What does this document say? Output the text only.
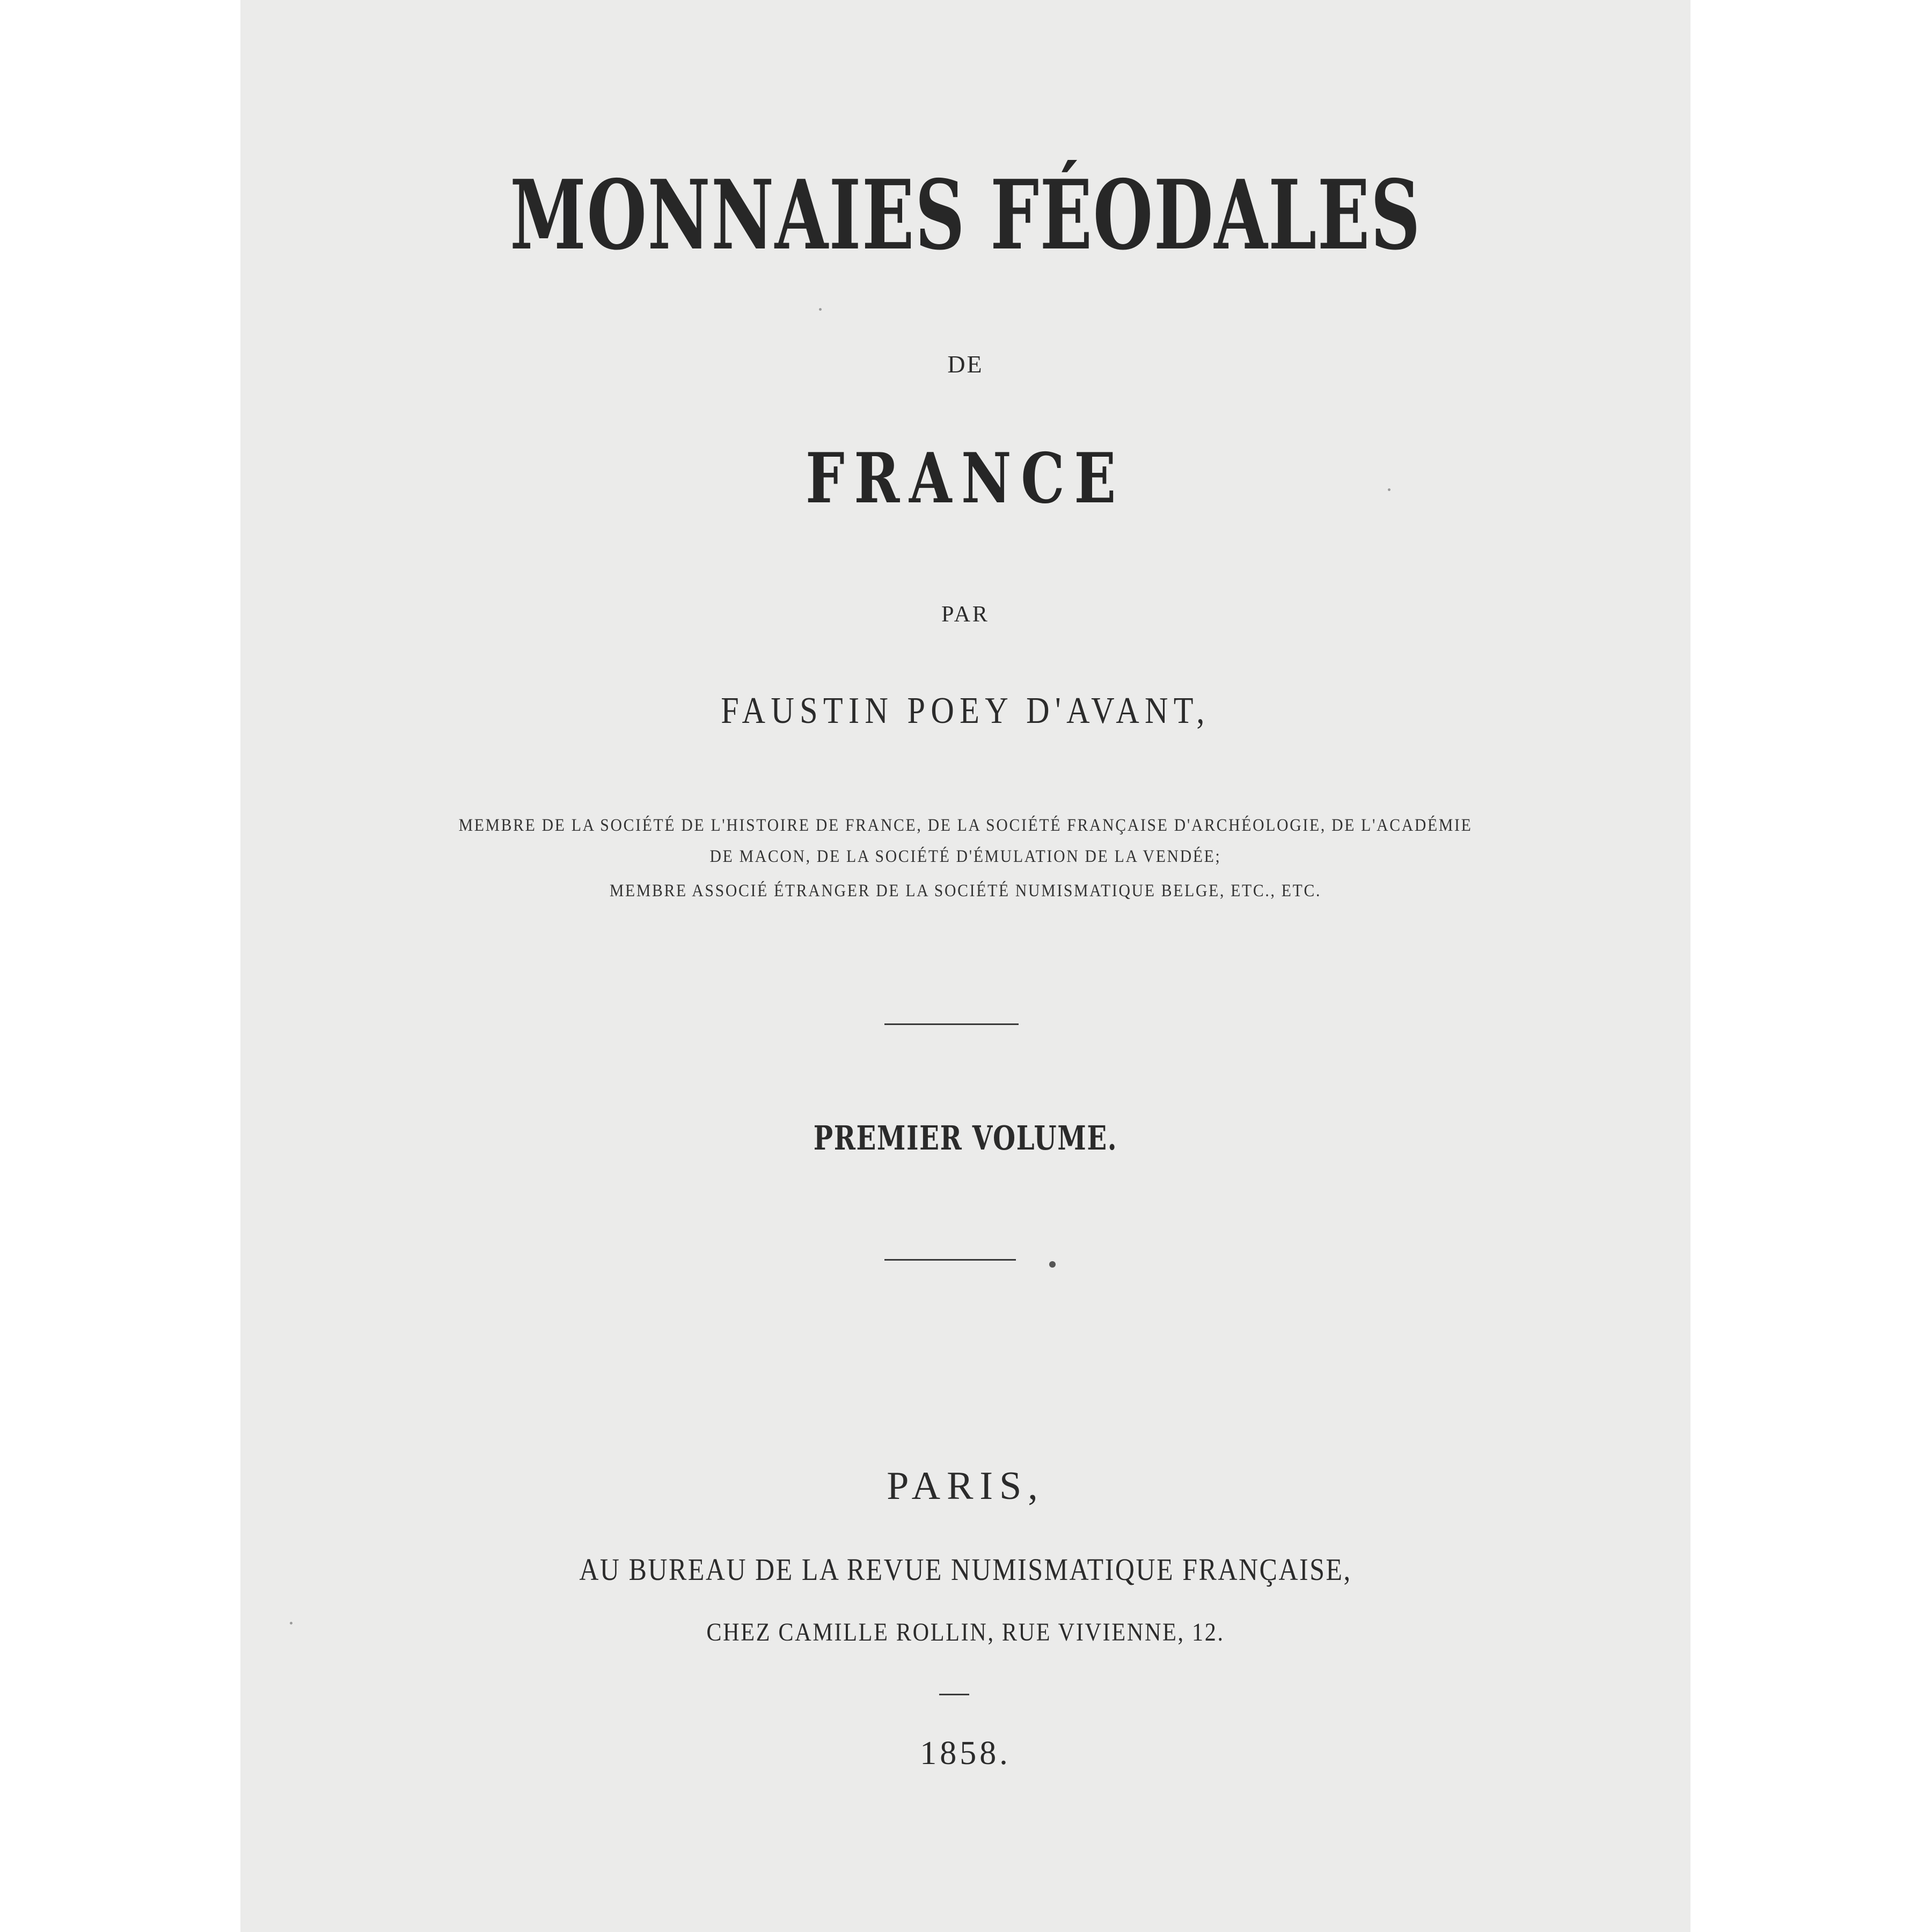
MONNAIES FÉODALES

DE

FRANCE

PAR

FAUSTIN POEY D'AVANT,

MEMBRE DE LA SOCIÉTÉ DE L'HISTOIRE DE FRANCE, DE LA SOCIÉTÉ FRANÇAISE D'ARCHÉOLOGIE, DE L'ACADÉMIE

DE MACON, DE LA SOCIÉTÉ D'ÉMULATION DE LA VENDÉE;

MEMBRE ASSOCIÉ ÉTRANGER DE LA SOCIÉTÉ NUMISMATIQUE BELGE, ETC., ETC.

PREMIER VOLUME.

PARIS,

AU BUREAU DE LA REVUE NUMISMATIQUE FRANÇAISE,

CHEZ CAMILLE ROLLIN, RUE VIVIENNE, 12.

1858.
